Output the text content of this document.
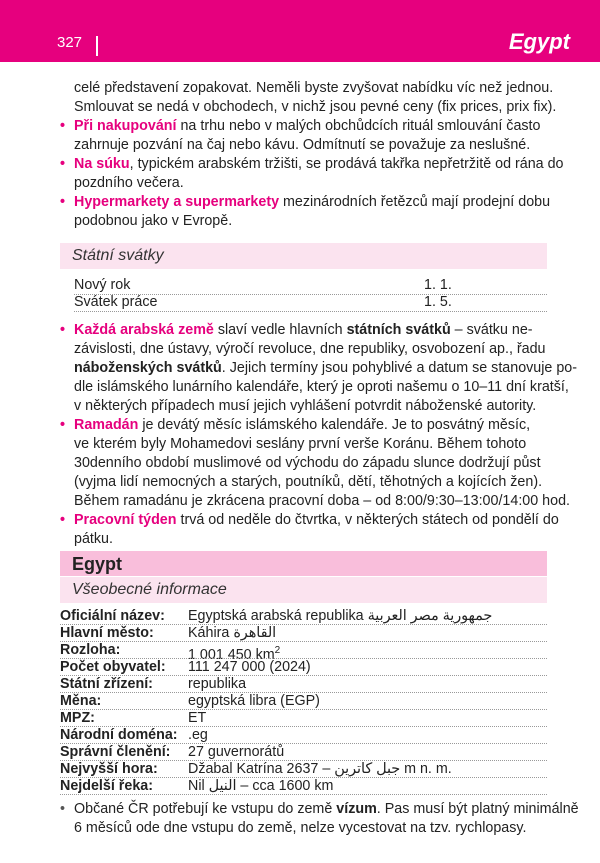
327	Egypt
celé představení zopakovat. Neměli byste zvyšovat nabídku víc než jednou.
Smlouvat se nedá v obchodech, v nichž jsou pevné ceny (fix prices, prix fix).
• Při nakupování na trhu nebo v malých obchůdcích rituál smlouvání často
zahrnuje pozvání na čaj nebo kávu. Odmítnutí se považuje za neslušné.
• Na súku, typickém arabském tržišti, se prodává takřka nepřetržitě od rána do
pozdního večera.
• Hypermarkety a supermarkety mezinárodních řetězců mají prodejní dobu
podobnou jako v Evropě.
Státní svátky
Nový rok	1. 1.
Svátek práce	1. 5.
• Každá arabská země slaví vedle hlavních státních svátků – svátku ne-
závislosti, dne ústavy, výročí revoluce, dne republiky, osvobození ap., řadu
náboženských svátků. Jejich termíny jsou pohyblivé a datum se stanovuje po-
dle islámského lunárního kalendáře, který je oproti našemu o 10–11 dní kratší,
v některých případech musí jejich vyhlášení potvrdit náboženské autority.
• Ramadán je devátý měsíc islámského kalendáře. Je to posvátný měsíc,
ve kterém byly Mohamedovi seslány první verše Koránu. Během tohoto
30denního období muslimové od východu do západu slunce dodržují půst
(vyjma lidí nemocných a starých, poutníků, dětí, těhotných a kojících žen).
Během ramadánu je zkrácena pracovní doba – od 8:00/9:30–13:00/14:00 hod.
• Pracovní týden trvá od neděle do čtvrtka, v některých státech od pondělí do
pátku.
Egypt
Všeobecné informace
Oficiální název: Egyptská arabská republika جمهورية مصر العربية
Hlavní město: Káhira القاهرة
Rozloha:	1 001 450 $km^2$
Počet obyvatel: 111 247 000 (2024)
Státní zřízení: republika
Měna:	egyptská libra (EGP)
MPZ:	ET
Národní doména: .eg
Správní členění: 27 guvernorátů
Nejvyšší hora: Džabal Katrína جبل كاترين – 2637 m n. m.
Nejdelší řeka: Nil النيل – cca 1600 km
• Občané ČR potřebují ke vstupu do země vízum. Pas musí být platný minimálně
6 měsíců ode dne vstupu do země, nelze vycestovat na tzv. rychlopasy.
